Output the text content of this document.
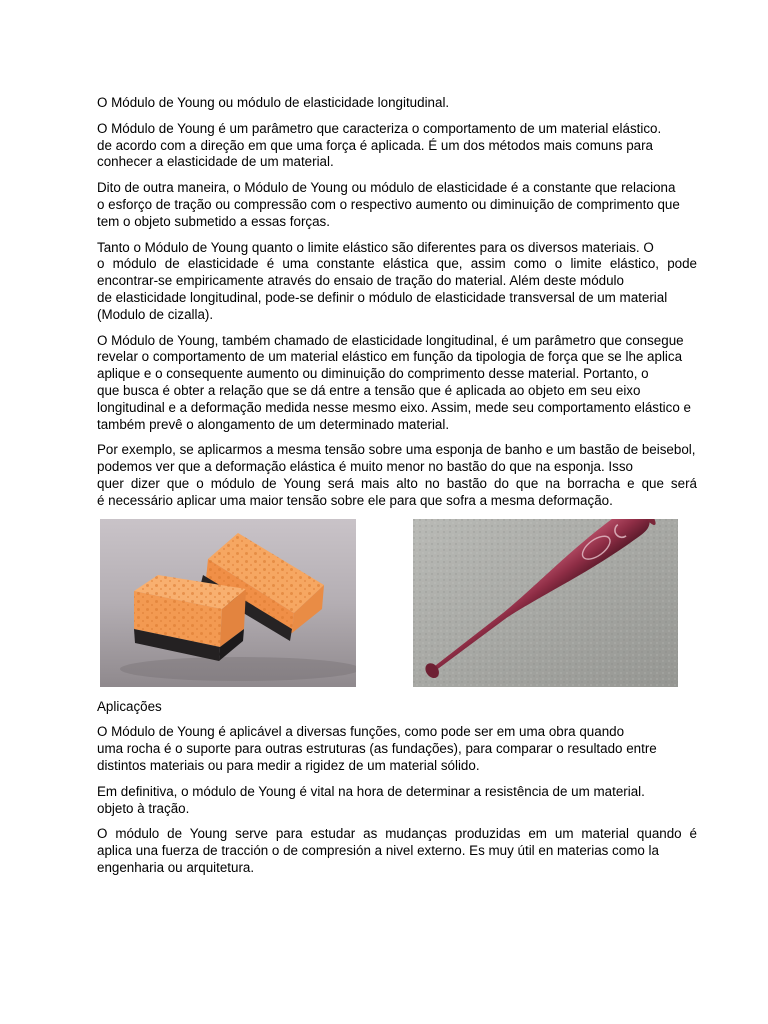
O Módulo de Young ou módulo de elasticidade longitudinal.
O Módulo de Young é um parâmetro que caracteriza o comportamento de um material elástico.
de acordo com a direção em que uma força é aplicada. É um dos métodos mais comuns para
conhecer a elasticidade de um material.
Dito de outra maneira, o Módulo de Young ou módulo de elasticidade é a constante que relaciona
o esforço de tração ou compressão com o respectivo aumento ou diminuição de comprimento que
tem o objeto submetido a essas forças.
Tanto o Módulo de Young quanto o limite elástico são diferentes para os diversos materiais. O
o módulo de elasticidade é uma constante elástica que, assim como o limite elástico, pode
encontrar-se empiricamente através do ensaio de tração do material. Além deste módulo
de elasticidade longitudinal, pode-se definir o módulo de elasticidade transversal de um material
(Modulo de cizalla).
O Módulo de Young, também chamado de elasticidade longitudinal, é um parâmetro que consegue
revelar o comportamento de um material elástico em função da tipologia de força que se lhe aplica
aplique e o consequente aumento ou diminuição do comprimento desse material. Portanto, o
que busca é obter a relação que se dá entre a tensão que é aplicada ao objeto em seu eixo
longitudinal e a deformação medida nesse mesmo eixo. Assim, mede seu comportamento elástico e
também prevê o alongamento de um determinado material.
Por exemplo, se aplicarmos a mesma tensão sobre uma esponja de banho e um bastão de beisebol,
podemos ver que a deformação elástica é muito menor no bastão do que na esponja. Isso
quer dizer que o módulo de Young será mais alto no bastão do que na borracha e que será
é necessário aplicar uma maior tensão sobre ele para que sofra a mesma deformação.
Aplicações
O Módulo de Young é aplicável a diversas funções, como pode ser em uma obra quando
uma rocha é o suporte para outras estruturas (as fundações), para comparar o resultado entre
distintos materiais ou para medir a rigidez de um material sólido.
Em definitiva, o módulo de Young é vital na hora de determinar a resistência de um material.
objeto à tração.
O módulo de Young serve para estudar as mudanças produzidas em um material quando é
aplica una fuerza de tracción o de compresión a nivel externo. Es muy útil en materias como la
engenharia ou arquitetura.
